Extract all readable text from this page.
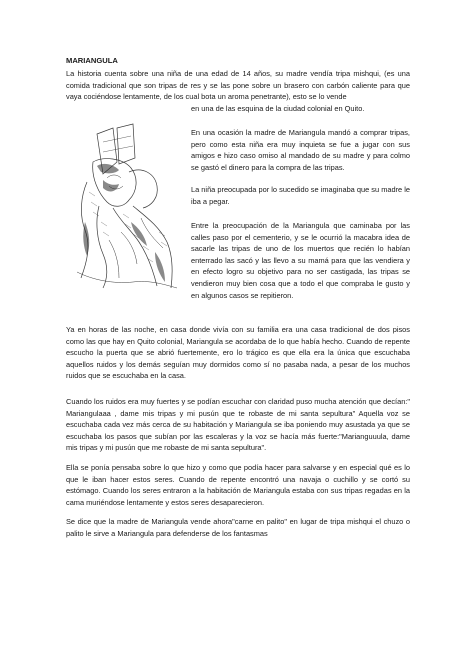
MARIANGULA
La historia cuenta sobre una niña de una edad de 14 años, su madre vendía tripa mishqui, (es una comida tradicional que son tripas de res y se las pone sobre un brasero con carbón caliente para que vaya cociéndose lentamente, de los cual bota un aroma penetrante), esto se lo vende
en una de las esquina de la ciudad colonial en Quito.
En una ocasión la madre de Mariangula mandó a comprar tripas, pero como esta niña era muy inquieta se fue a jugar con sus amigos e hizo caso omiso al mandado de su madre y para colmo se gastó el dinero para la compra de las tripas.
La niña preocupada por lo sucedido se imaginaba que su madre le iba a pegar.
Entre la preocupación de la Mariangula que caminaba por las calles paso por el cementerio, y se le ocurrió la macabra idea de sacarle las tripas de uno de los muertos que recién lo habían enterrado las sacó y las llevo a su mamá para que las vendiera y en efecto logro su objetivo para no ser castigada, las tripas se vendieron muy bien cosa que a todo el que compraba le gusto y en algunos casos se repitieron.
Ya en horas de las noche, en casa donde vivía con su familia era una casa tradicional de dos pisos como las que hay en Quito colonial, Mariangula se acordaba de lo que había hecho. Cuando de repente escucho la puerta que se abrió fuertemente, ero lo trágico es que ella era la única que escuchaba aquellos ruidos y los demás seguían muy dormidos como sí no pasaba nada, a pesar de los muchos ruidos que se escuchaba en la casa.
Cuando los ruidos era muy fuertes y se podían escuchar con claridad puso mucha atención que decían:" Mariangulaaa , dame mis tripas y mi pusún que te robaste de mi santa sepultura" Aquella voz se escuchaba cada vez más cerca de su habitación y Mariangula se iba poniendo muy asustada ya que se escuchaba los pasos que subían por las escaleras y la voz se hacía más fuerte:"Marianguuula, dame mis tripas y mi pusún que me robaste de mi santa sepultura".
Ella se ponía pensaba sobre lo que hizo y como que podía hacer para salvarse y en especial qué es lo que le iban hacer estos seres. Cuando de repente encontró una navaja o cuchillo y se cortó su estómago. Cuando los seres entraron a la habitación de Mariangula estaba con sus tripas regadas en la cama muriéndose lentamente y estos seres desaparecieron.
Se dice que la madre de Mariangula vende ahora"carne en palito" en lugar de tripa mishqui el chuzo o palito le sirve a Mariangula para defenderse de los fantasmas
